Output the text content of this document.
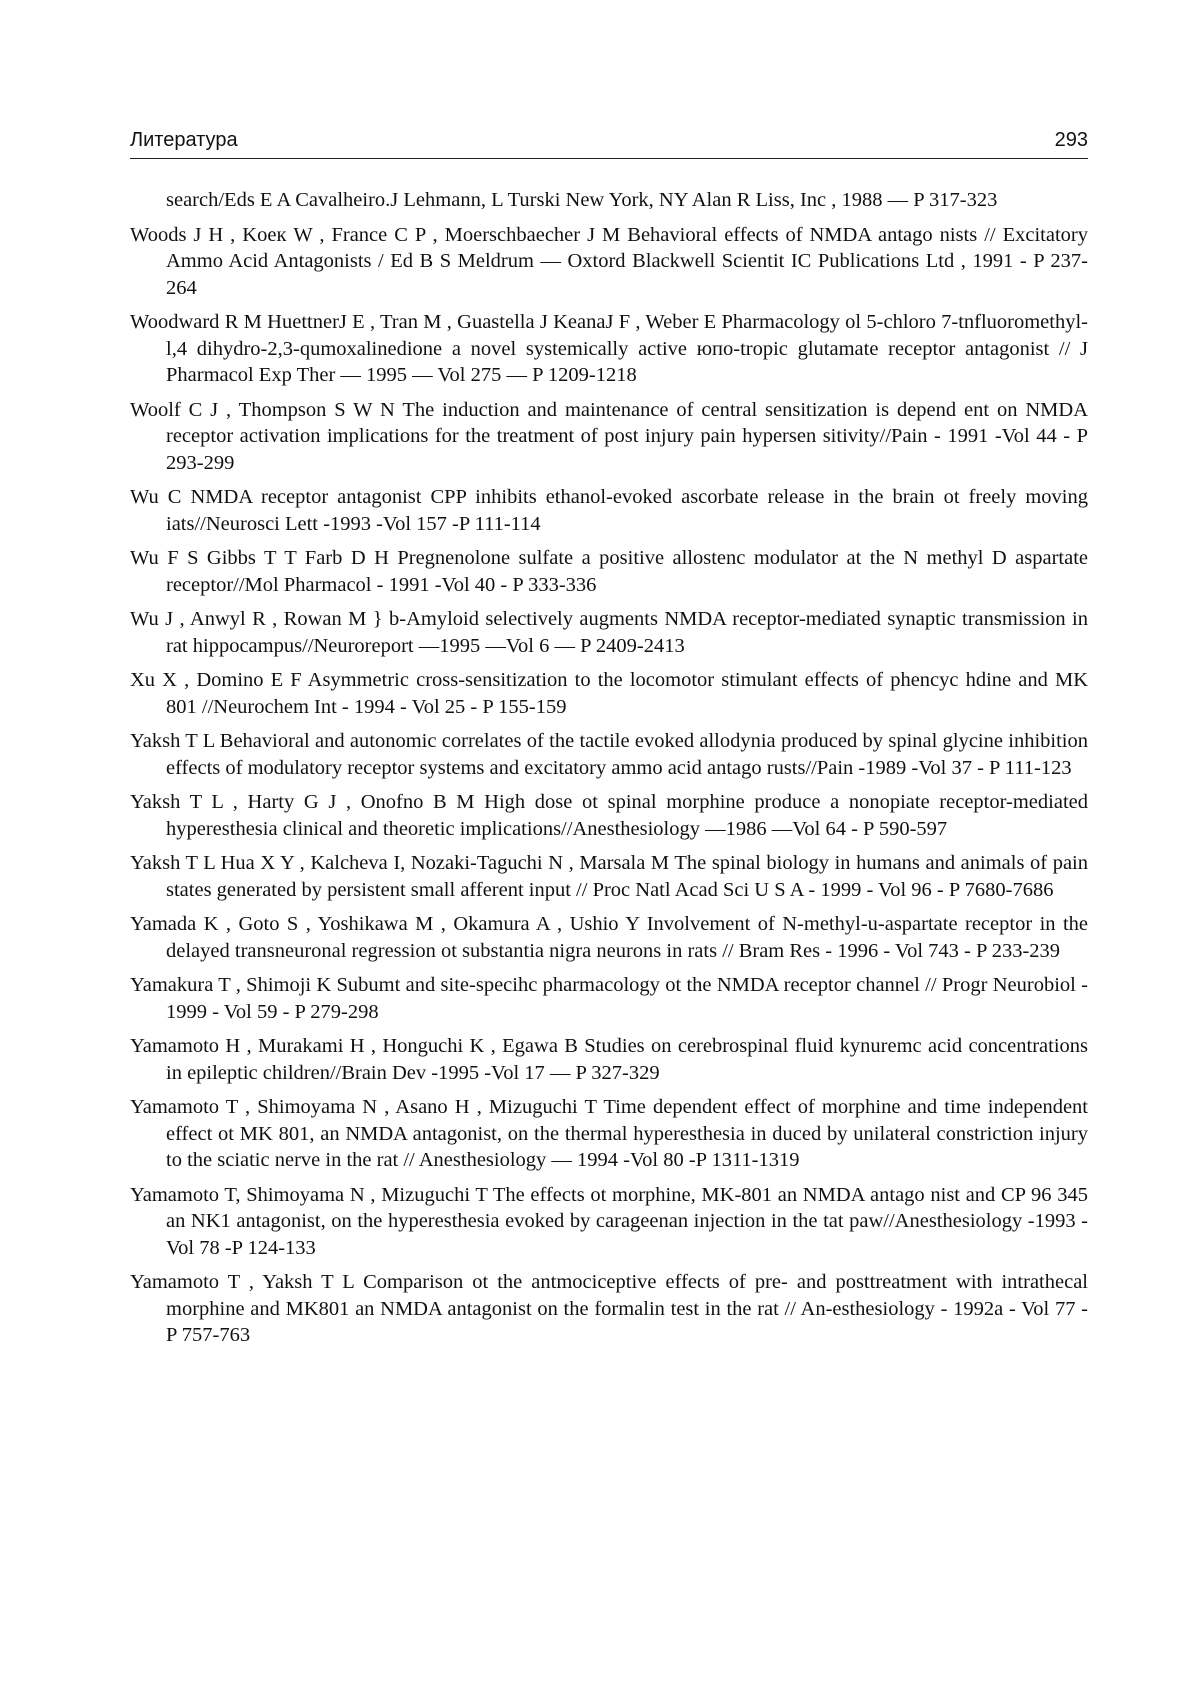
Литература	293

search/Eds E A Cavalheiro.J Lehmann, L Turski New York, NY Alan R Liss, Inc , 1988 — P 317-323

Woods J H , Koeк W , France C P , Moerschbaecher J M Behavioral effects of NMDA antago nists // Excitatory Ammo Acid Antagonists / Ed B S Meldrum — Oxtord Blackwell Scientit IC Publications Ltd , 1991 - P 237-264

Woodward R M HuettnerJ E , Tran M , Guastella J KeanaJ F , Weber E Pharmacology ol 5-chloro 7-tnfluoromethyl-l,4 dihydro-2,3-qumoxalinedione a novel systemically active юпо-tropic glutamate receptor antagonist // J Pharmacol Exp Ther — 1995 — Vol 275 — P 1209-1218

Woolf C J , Thompson S W N The induction and maintenance of central sensitization is depend ent on NMDA receptor activation implications for the treatment of post injury pain hypersen sitivity//Pain - 1991 -Vol 44 - P 293-299

Wu C NMDA receptor antagonist CPP inhibits ethanol-evoked ascorbate release in the brain ot freely moving iats//Neurosci Lett -1993 -Vol 157 -P 111-114

Wu F S Gibbs T T Farb D H Pregnenolone sulfate a positive allostenc modulator at the N methyl D aspartate receptor//Mol Pharmacol - 1991 -Vol 40 - P 333-336

Wu J , Anwyl R , Rowan M } b-Amyloid selectively augments NMDA receptor-mediated synaptic transmission in rat hippocampus//Neuroreport —1995 —Vol 6 — P 2409-2413

Xu X , Domino E F Asymmetric cross-sensitization to the locomotor stimulant effects of phencyc hdine and MK 801 //Neurochem Int - 1994 - Vol 25 - P 155-159

Yaksh T L Behavioral and autonomic correlates of the tactile evoked allodynia produced by spinal glycine inhibition effects of modulatory receptor systems and excitatory ammo acid antago rusts//Pain -1989 -Vol 37 - P 111-123

Yaksh T L , Harty G J , Onofno B M High dose ot spinal morphine produce a nonopiate receptor-mediated hyperesthesia clinical and theoretic implications//Anesthesiology —1986 —Vol 64 - P 590-597

Yaksh T L Hua X Y , Kalcheva I, Nozaki-Taguchi N , Marsala M The spinal biology in humans and animals of pain states generated by persistent small afferent input // Proc Natl Acad Sci U S A - 1999 - Vol 96 - P 7680-7686

Yamada K , Goto S , Yoshikawa M , Okamura A , Ushio Y Involvement of N-methyl-u-aspartate receptor in the delayed transneuronal regression ot substantia nigra neurons in rats // Bram Res - 1996 - Vol 743 - P 233-239

Yamakura T , Shimoji K Subumt and site-specihc pharmacology ot the NMDA receptor channel // Progr Neurobiol - 1999 - Vol 59 - P 279-298

Yamamoto H , Murakami H , Honguchi K , Egawa B Studies on cerebrospinal fluid kynuremc acid concentrations in epileptic children//Brain Dev -1995 -Vol 17 — P 327-329

Yamamoto T , Shimoyama N , Asano H , Mizuguchi T Time dependent effect of morphine and time independent effect ot MK 801, an NMDA antagonist, on the thermal hyperesthesia in duced by unilateral constriction injury to the sciatic nerve in the rat // Anesthesiology — 1994 -Vol 80 -P 1311-1319

Yamamoto T, Shimoyama N , Mizuguchi T The effects ot morphine, MK-801 an NMDA antago nist and CP 96 345 an NK1 antagonist, on the hyperesthesia evoked by carageenan injection in the tat paw//Anesthesiology -1993 -Vol 78 -P 124-133

Yamamoto T , Yaksh T L Comparison ot the antmociceptive effects of pre- and posttreatment with intrathecal morphine and MK801 an NMDA antagonist on the formalin test in the rat // An-esthesiology - 1992a - Vol 77 - P 757-763
